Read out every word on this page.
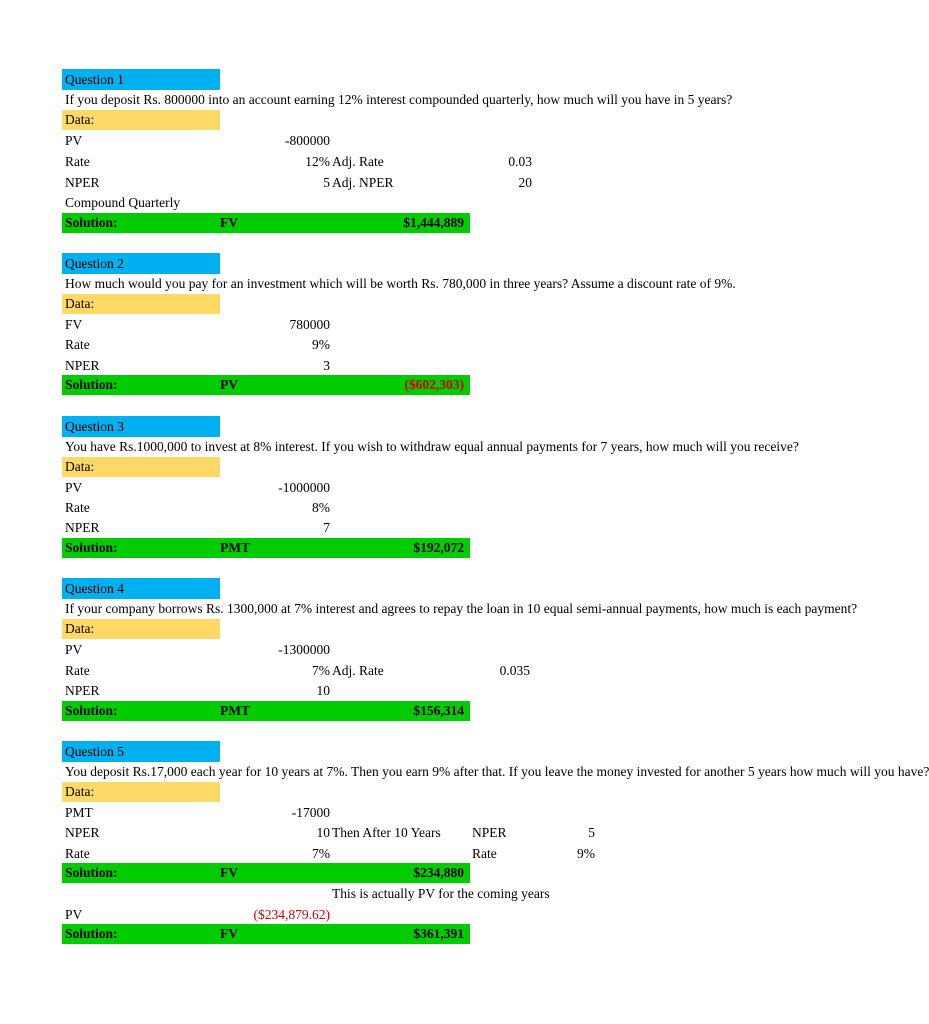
Question 1
If you deposit Rs. 800000 into an account earning 12% interest compounded quarterly, how much will you have in 5 years?
Data:
PV	-800000
Rate	12% Adj. Rate	0.03
NPER	5 Adj. NPER	20
Compound Quarterly
Solution:	FV	$1,444,889
Question 2
How much would you pay for an investment which will be worth Rs. 780,000 in three years? Assume a discount rate of 9%.
Data:
FV	780000
Rate	9%
NPER	3
Solution:	PV	($602,303)
Question 3
You have Rs.1000,000 to invest at 8% interest. If you wish to withdraw equal annual payments for 7 years, how much will you receive?
Data:
PV	-1000000
Rate	8%
NPER	7
Solution:	PMT	$192,072
Question 4
If your company borrows Rs. 1300,000 at 7% interest and agrees to repay the loan in 10 equal semi-annual payments, how much is each payment?
Data:
PV	-1300000
Rate	7% Adj. Rate	0.035
NPER	10
Solution:	PMT	$156,314
Question 5
You deposit Rs.17,000 each year for 10 years at 7%. Then you earn 9% after that. If you leave the money invested for another 5 years how much will you have?
Data:
PMT	-17000
NPER	10 Then After 10 Years NPER	5
Rate	7%	Rate	9%
Solution:	FV	$234,880
This is actually PV for the coming years
PV	($234,879.62)
Solution:	FV	$361,391
